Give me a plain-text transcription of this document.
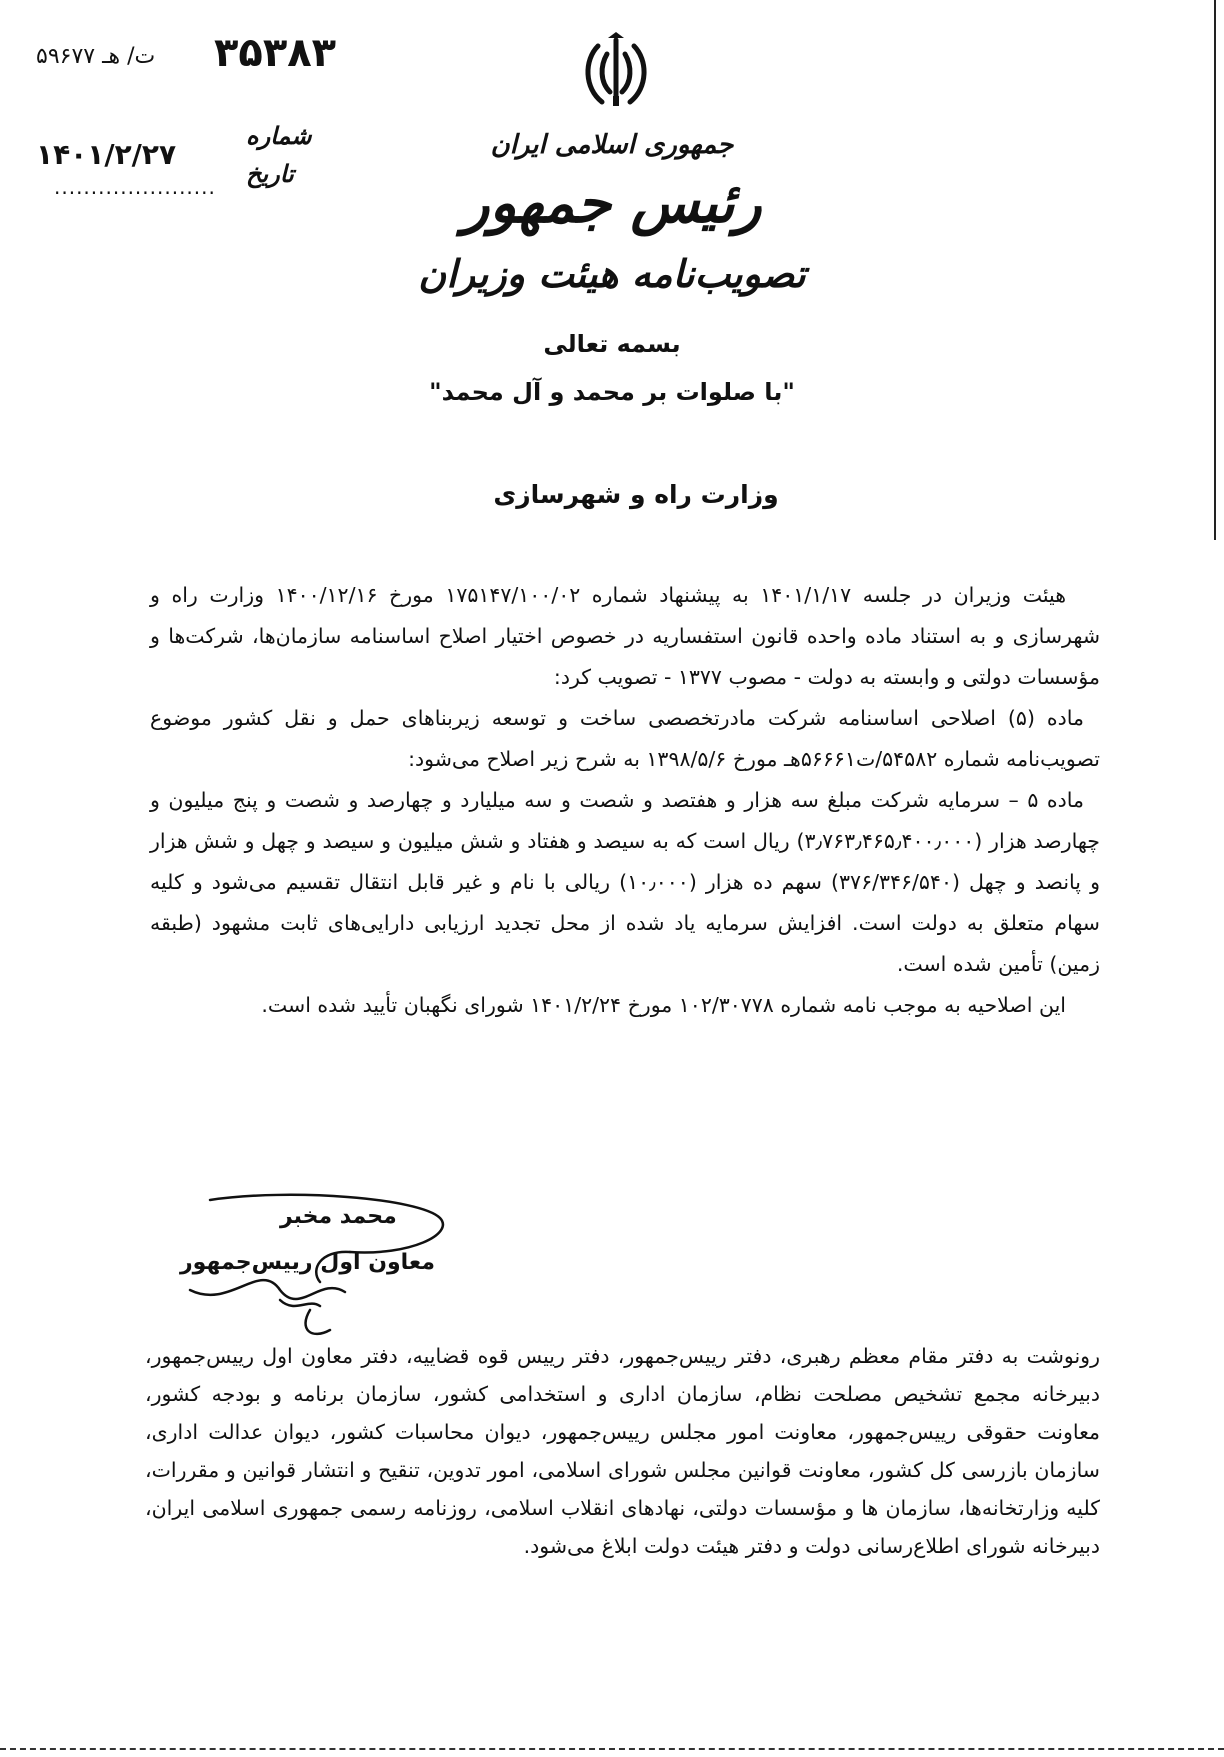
۵۹۶۷۷ ت/ هـ	۳۵۳۸۳
شماره
۱۴۰۱/۲/۲۷
تاریخ
......................
جمهوری اسلامی ایران
رئیس جمهور
تصویب‌نامه هیئت وزیران
بسمه تعالی
"با صلوات بر محمد و آل محمد"
وزارت راه و شهرسازی

هیئت وزیران در جلسه ۱۴۰۱/۱/۱۷ به پیشنهاد شماره ۱۷۵۱۴۷/۱۰۰/۰۲ مورخ ۱۴۰۰/۱۲/۱۶ وزارت راه و شهرسازی و به استناد ماده واحده قانون استفساریه در خصوص اختیار اصلاح اساسنامه سازمان‌ها، شرکت‌ها و مؤسسات دولتی و وابسته به دولت - مصوب ۱۳۷۷ - تصویب کرد:

ماده (۵) اصلاحی اساسنامه شرکت مادرتخصصی ساخت و توسعه زیربناهای حمل و نقل کشور موضوع تصویب‌نامه شماره ۵۴۵۸۲/ت۵۶۶۶۱هـ مورخ ۱۳۹۸/۵/۶ به شرح زیر اصلاح می‌شود:

ماده ۵ – سرمایه شرکت مبلغ سه هزار و هفتصد و شصت و سه میلیارد و چهارصد و شصت و پنج میلیون و چهارصد هزار (۳٫۷۶۳٫۴۶۵٫۴۰۰٫۰۰۰) ریال است که به سیصد و هفتاد و شش میلیون و سیصد و چهل و شش هزار و پانصد و چهل (۳۷۶/۳۴۶/۵۴۰) سهم ده هزار (۱۰٫۰۰۰) ریالی با نام و غیر قابل انتقال تقسیم می‌شود و کلیه سهام متعلق به دولت است. افزایش سرمایه یاد شده از محل تجدید ارزیابی دارایی‌های ثابت مشهود (طبقه زمین) تأمین شده است.

این اصلاحیه به موجب نامه شماره ۱۰۲/۳۰۷۷۸ مورخ ۱۴۰۱/۲/۲۴ شورای نگهبان تأیید شده است.

محمد مخبر
معاون اول رییس‌جمهور
رونوشت به دفتر مقام معظم رهبری، دفتر رییس‌جمهور، دفتر رییس قوه قضاییه، دفتر معاون اول رییس‌جمهور، دبیرخانه مجمع تشخیص مصلحت نظام، سازمان اداری و استخدامی کشور، سازمان برنامه و بودجه کشور، معاونت حقوقی رییس‌جمهور، معاونت امور مجلس رییس‌جمهور، دیوان محاسبات کشور، دیوان عدالت اداری، سازمان بازرسی کل کشور، معاونت قوانین مجلس شورای اسلامی، امور تدوین، تنقیح و انتشار قوانین و مقررات، کلیه وزارتخانه‌ها، سازمان ها و مؤسسات دولتی، نهادهای انقلاب اسلامی، روزنامه رسمی جمهوری اسلامی ایران، دبیرخانه شورای اطلاع‌رسانی دولت و دفتر هیئت دولت ابلاغ می‌شود.
